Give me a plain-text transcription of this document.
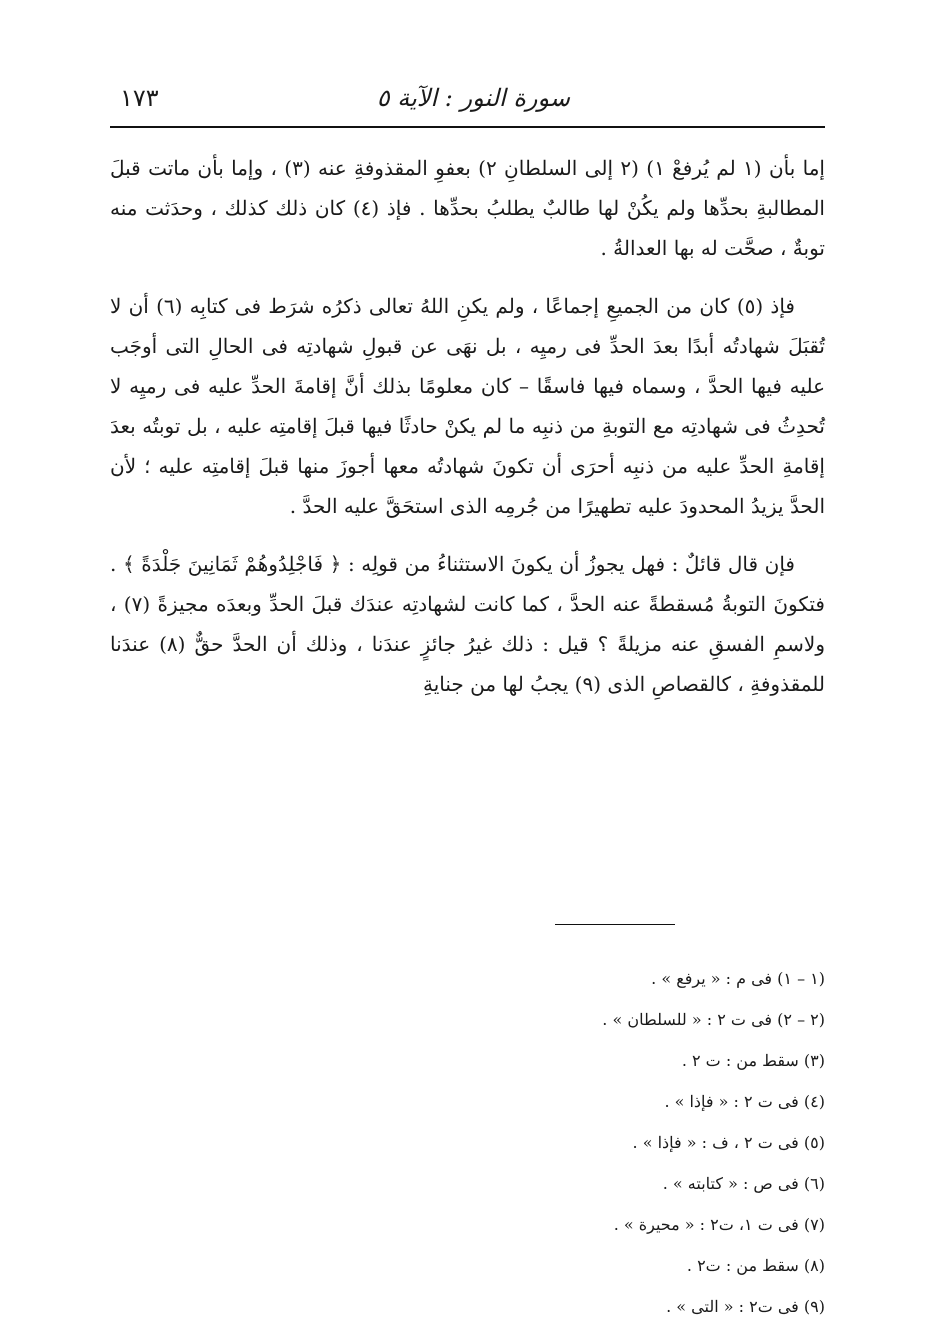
سورة النور : الآية ٥
١٧٣

إما بأن (١ لم يُرفعْ ١) (٢ إلى السلطانِ ٢) بعفوِ المقذوفةِ عنه (٣) ، وإما بأن ماتت قبلَ المطالبةِ بحدِّها ولم يكُنْ لها طالبٌ يطلبُ بحدِّها . فإذ (٤) كان ذلك كذلك ، وحدَثت منه توبةٌ ، صحَّت له بها العدالةُ .

فإذ (٥) كان من الجميعِ إجماعًا ، ولم يكنِ اللهُ تعالى ذكرُه شرَط فى كتابِه (٦) أن لا تُقبَلَ شهادتُه أبدًا بعدَ الحدِّ فى رميِه ، بل نهَى عن قبولِ شهادتِه فى الحالِ التى أوجَب عليه فيها الحدَّ ، وسماه فيها فاسقًا – كان معلومًا بذلك أنَّ إقامةَ الحدِّ عليه فى رميِه لا تُحدِثُ فى شهادتِه مع التوبةِ من ذنبِه ما لم يكنْ حادثًا فيها قبلَ إقامتِه عليه ، بل توبتُه بعدَ إقامةِ الحدِّ عليه من ذنبِه أحرَى أن تكونَ شهادتُه معها أجوزَ منها قبلَ إقامتِه عليه ؛ لأن الحدَّ يزيدُ المحدودَ عليه تطهيرًا من جُرمِه الذى استحَقَّ عليه الحدَّ .

فإن قال قائلٌ : فهل يجوزُ أن يكونَ الاستثناءُ من قولِه : ﴿ فَاجْلِدُوهُمْ ثَمَانِينَ جَلْدَةً ﴾ . فتكونَ التوبةُ مُسقطةً عنه الحدَّ ، كما كانت لشهادتِه عندَك قبلَ الحدِّ وبعدَه مجيزةً (٧) ، ولاسمِ الفسقِ عنه مزيلةً ؟ قيل : ذلك غيرُ جائزٍ عندَنا ، وذلك أن الحدَّ حقٌّ (٨) عندَنا للمقذوفةِ ، كالقصاصِ الذى (٩) يجبُ لها من جنايةِ

(١ – ١) فى م : « يرفع » .
(٢ – ٢) فى ت ٢ : « للسلطان » .
(٣) سقط من : ت ٢ .
(٤) فى ت ٢ : « فإذا » .
(٥) فى ت ٢ ، ف : « فإذا » .
(٦) فى ص : « كتابته » .
(٧) فى ت ١، ت٢ : « محيرة » .
(٨) سقط من : ت٢ .
(٩) فى ت٢ : « التى » .
